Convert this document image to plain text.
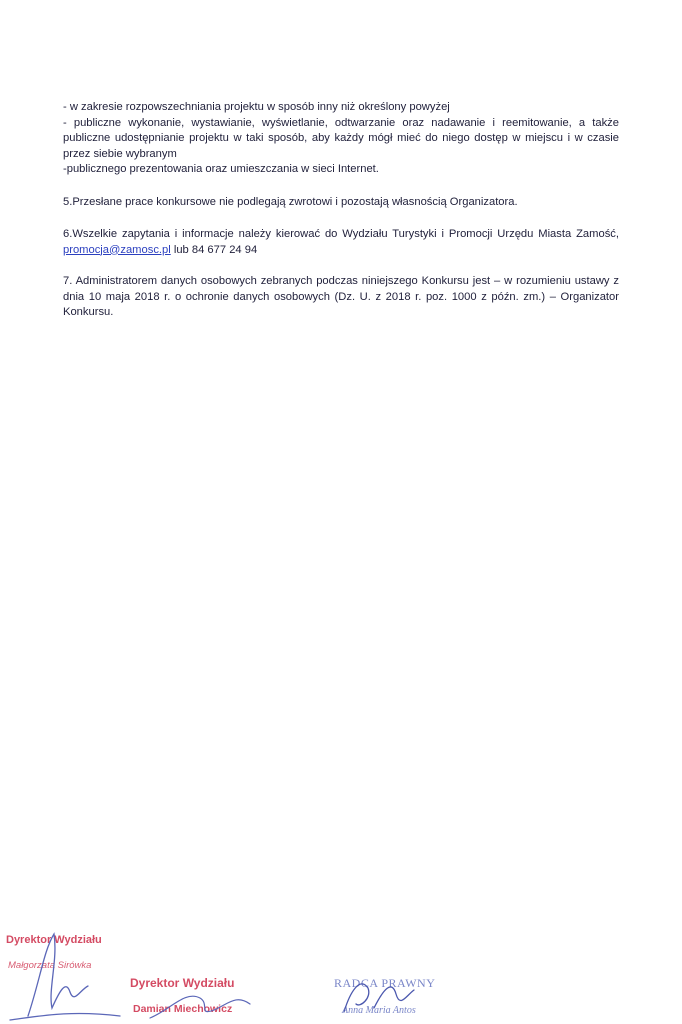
- w zakresie rozpowszechniania projektu w sposób inny niż określony powyżej

- publiczne wykonanie, wystawianie, wyświetlanie, odtwarzanie oraz nadawanie i reemitowanie, a także publiczne udostępnianie projektu w taki sposób, aby każdy mógł mieć do niego dostęp w miejscu i w czasie przez siebie wybranym

-publicznego prezentowania oraz umieszczania w sieci Internet.

5.Przesłane prace konkursowe nie podlegają zwrotowi i pozostają własnością Organizatora.

6.Wszelkie zapytania i informacje należy kierować do Wydziału Turystyki i Promocji Urzędu Miasta Zamość, promocja@zamosc.pl lub 84 677 24 94

7. Administratorem danych osobowych zebranych podczas niniejszego Konkursu jest – w rozumieniu ustawy z dnia 10 maja 2018 r. o ochronie danych osobowych (Dz. U. z 2018 r. poz. 1000 z późn. zm.) – Organizator Konkursu.

Dyrektor Wydziału
Małgorzata Sirówka
Dyrektor Wydziału
Damian Miechowicz
RADCA PRAWNY
Anna Maria Antos
